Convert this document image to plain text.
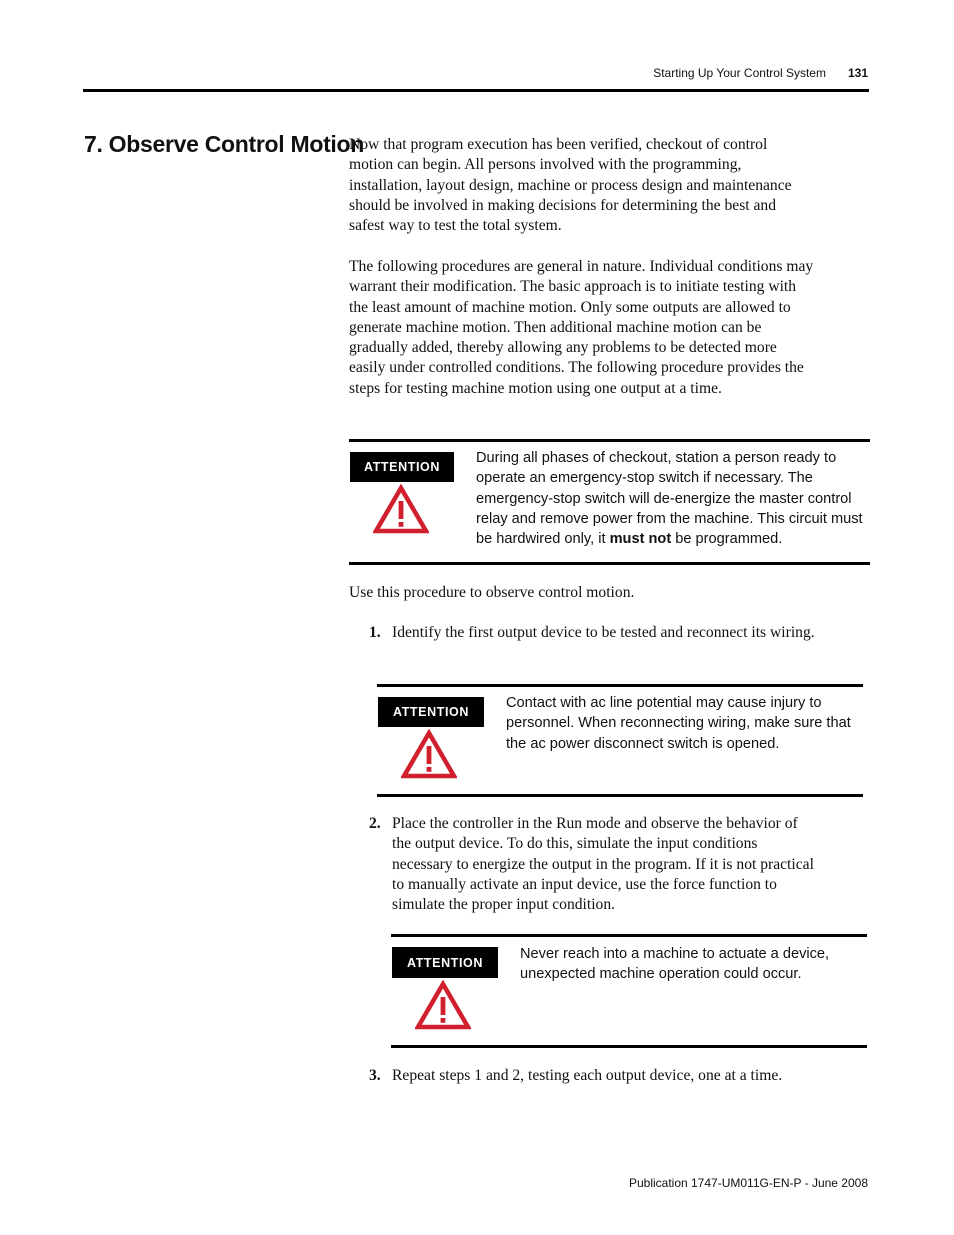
Starting Up Your Control System 131
7. Observe Control Motion

Now that program execution has been verified, checkout of control motion can begin. All persons involved with the programming, installation, layout design, machine or process design and maintenance should be involved in making decisions for determining the best and safest way to test the total system.

The following procedures are general in nature. Individual conditions may warrant their modification. The basic approach is to initiate testing with the least amount of machine motion. Only some outputs are allowed to generate machine motion. Then additional machine motion can be gradually added, thereby allowing any problems to be detected more easily under controlled conditions. The following procedure provides the steps for testing machine motion using one output at a time.

ATTENTION

During all phases of checkout, station a person ready to operate an emergency-stop switch if necessary. The emergency-stop switch will de-energize the master control relay and remove power from the machine. This circuit must be hardwired only, it must not be programmed.

Use this procedure to observe control motion.

1. Identify the first output device to be tested and reconnect its wiring.
ATTENTION

Contact with ac line potential may cause injury to personnel. When reconnecting wiring, make sure that the ac power disconnect switch is opened.

2. Place the controller in the Run mode and observe the behavior of the output device. To do this, simulate the input conditions necessary to energize the output in the program. If it is not practical to manually activate an input device, use the force function to simulate the proper input condition.
ATTENTION

Never reach into a machine to actuate a device, unexpected machine operation could occur.

3. Repeat steps 1 and 2, testing each output device, one at a time.
Publication 1747-UM011G-EN-P - June 2008
